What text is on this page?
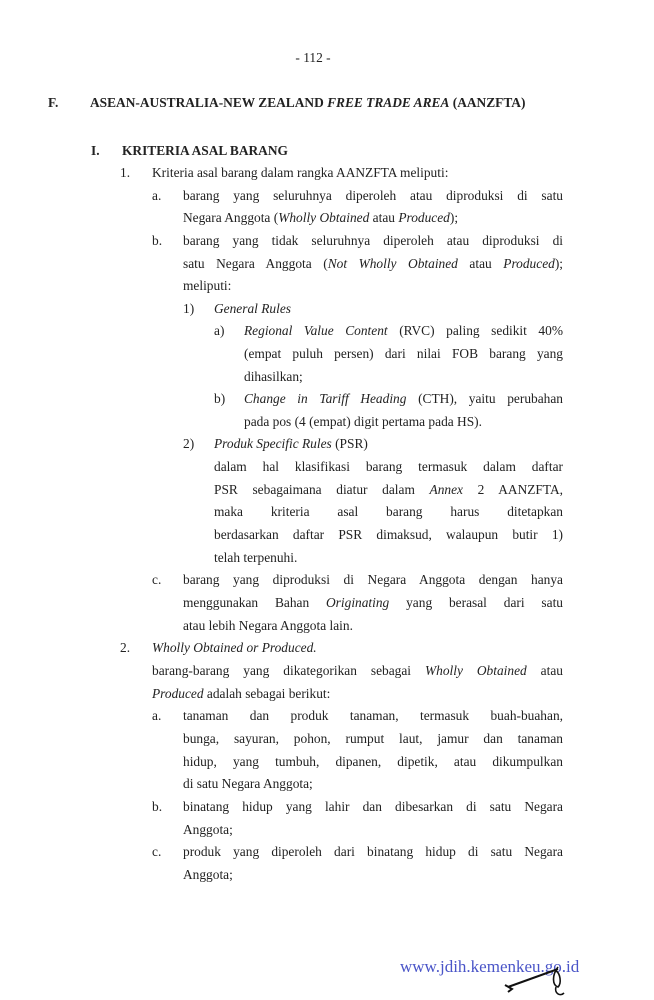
- 112 -
F. ASEAN-AUSTRALIA-NEW ZEALAND FREE TRADE AREA (AANZFTA)
I. KRITERIA ASAL BARANG
1. Kriteria asal barang dalam rangka AANZFTA meliputi:
a. barang yang seluruhnya diperoleh atau diproduksi di satu
Negara Anggota (Wholly Obtained atau Produced);
b. barang yang tidak seluruhnya diperoleh atau diproduksi di
satu Negara Anggota (Not Wholly Obtained atau Produced);
meliputi:
1) General Rules
a) Regional Value Content (RVC) paling sedikit 40%
(empat puluh persen) dari nilai FOB barang yang
dihasilkan;
b) Change in Tariff Heading (CTH), yaitu perubahan
pada pos (4 (empat) digit pertama pada HS).
2) Produk Specific Rules (PSR)
dalam hal klasifikasi barang termasuk dalam daftar
PSR sebagaimana diatur dalam Annex 2 AANZFTA,
maka kriteria asal barang harus ditetapkan
berdasarkan daftar PSR dimaksud, walaupun butir 1)
telah terpenuhi.
c. barang yang diproduksi di Negara Anggota dengan hanya
menggunakan Bahan Originating yang berasal dari satu
atau lebih Negara Anggota lain.
2. Wholly Obtained or Produced.
barang-barang yang dikategorikan sebagai Wholly Obtained atau
Produced adalah sebagai berikut:
a. tanaman dan produk tanaman, termasuk buah-buahan,
bunga, sayuran, pohon, rumput laut, jamur dan tanaman
hidup, yang tumbuh, dipanen, dipetik, atau dikumpulkan
di satu Negara Anggota;
b. binatang hidup yang lahir dan dibesarkan di satu Negara
Anggota;
c. produk yang diperoleh dari binatang hidup di satu Negara
Anggota;
www.jdih.kemenkeu.go.id
